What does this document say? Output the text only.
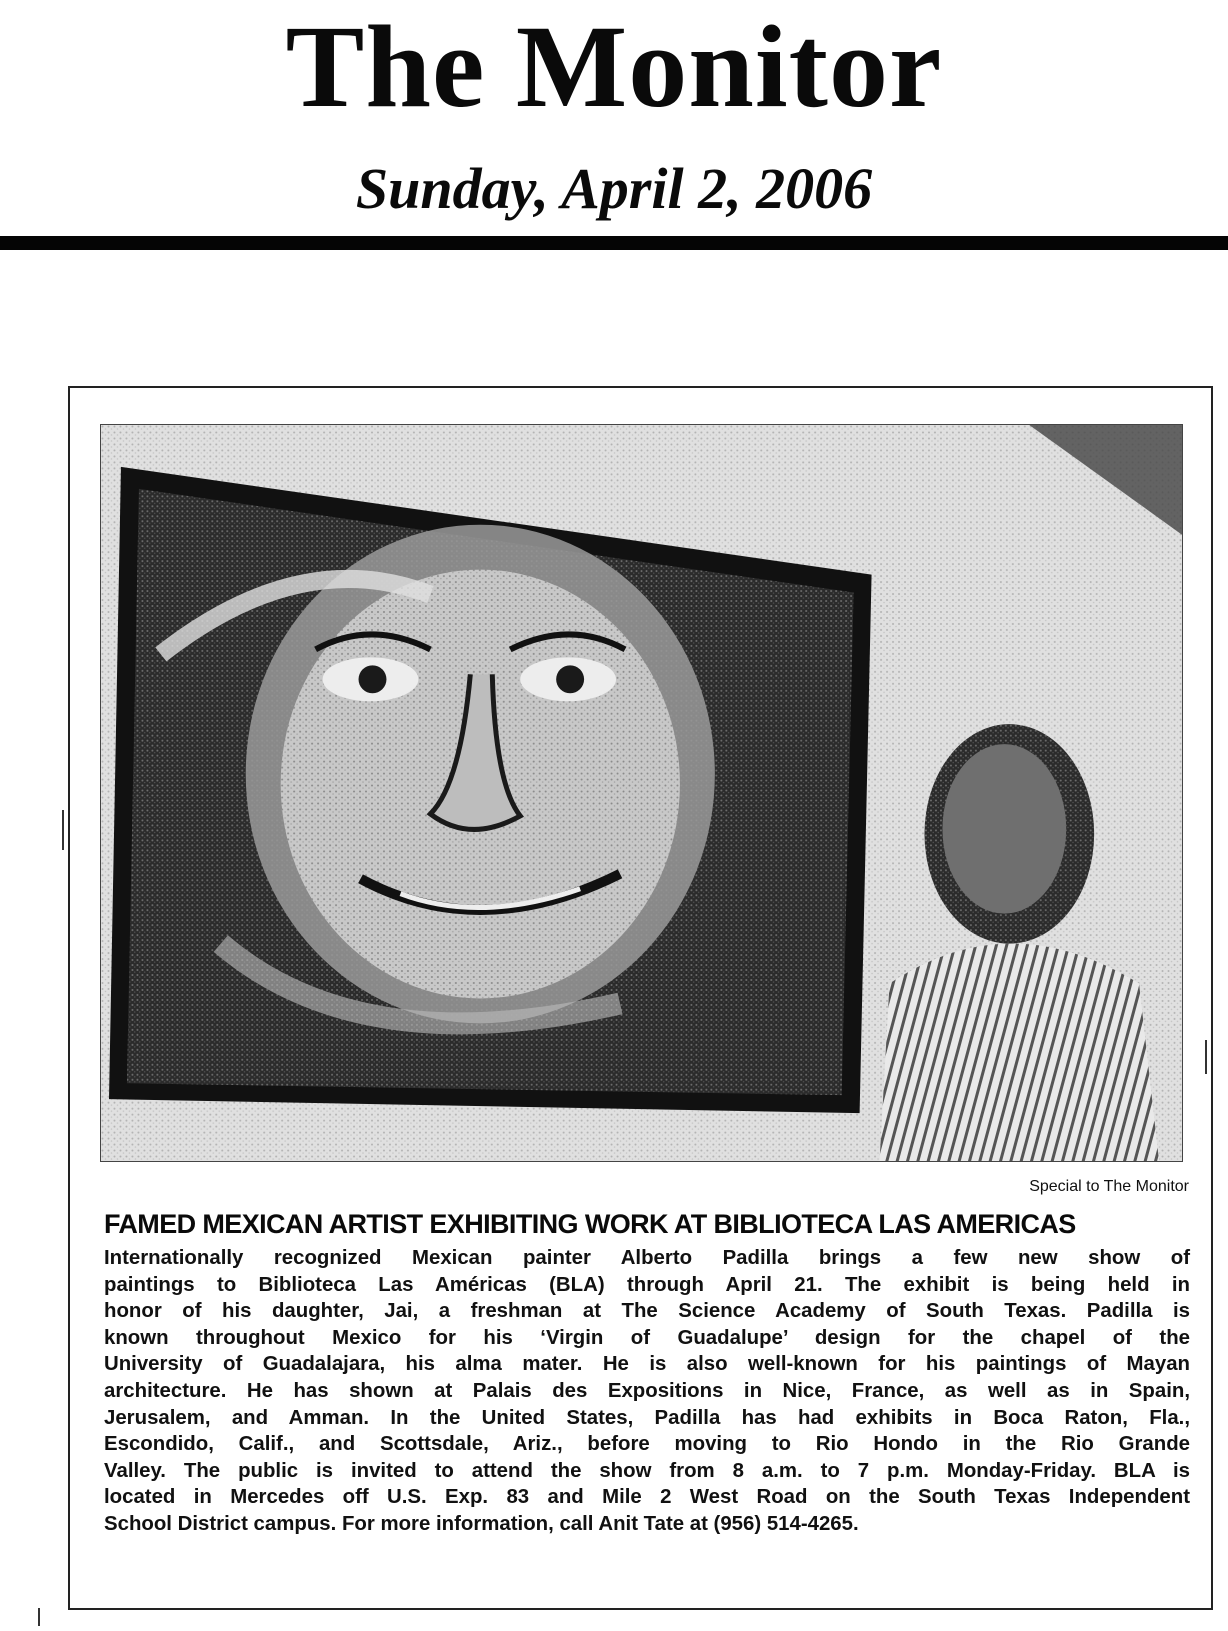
The Monitor
Sunday, April 2, 2006
Special to The Monitor
FAMED MEXICAN ARTIST EXHIBITING WORK AT BIBLIOTECA LAS AMERICAS
Internationally recognized Mexican painter Alberto Padilla brings a few new show of
paintings to Biblioteca Las Américas (BLA) through April 21. The exhibit is being held in
honor of his daughter, Jai, a freshman at The Science Academy of South Texas. Padilla is
known throughout Mexico for his ‘Virgin of Guadalupe’ design for the chapel of the
University of Guadalajara, his alma mater. He is also well-known for his paintings of Mayan
architecture. He has shown at Palais des Expositions in Nice, France, as well as in Spain,
Jerusalem, and Amman. In the United States, Padilla has had exhibits in Boca Raton, Fla.,
Escondido, Calif., and Scottsdale, Ariz., before moving to Rio Hondo in the Rio Grande
Valley. The public is invited to attend the show from 8 a.m. to 7 p.m. Monday-Friday. BLA is
located in Mercedes off U.S. Exp. 83 and Mile 2 West Road on the South Texas Independent
School District campus. For more information, call Anit Tate at (956) 514-4265.
